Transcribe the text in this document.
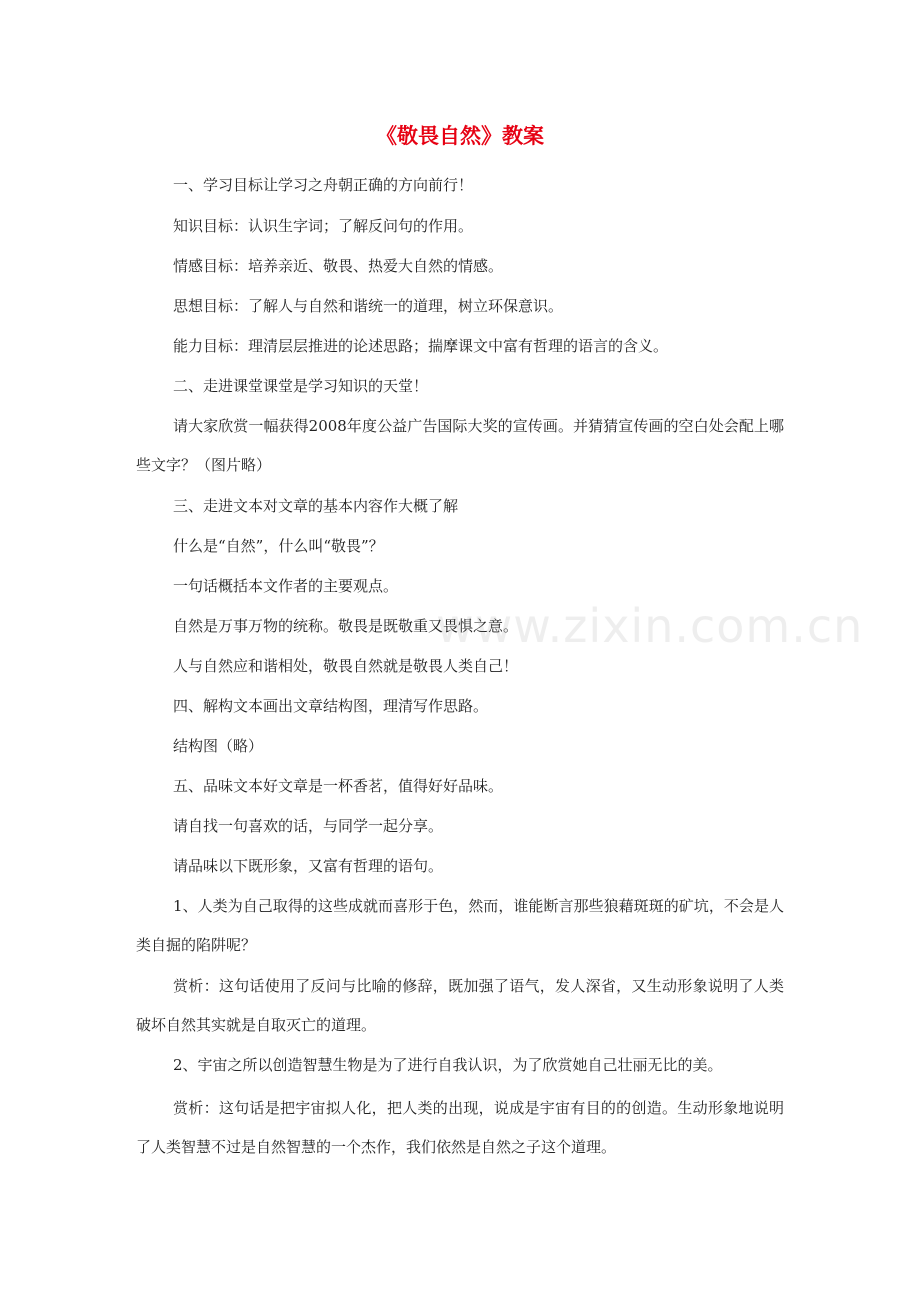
《敬畏自然》教案
一、学习目标让学习之舟朝正确的方向前行！
知识目标：认识生字词；了解反问句的作用。
情感目标：培养亲近、敬畏、热爱大自然的情感。
思想目标：了解人与自然和谐统一的道理，树立环保意识。
能力目标：理清层层推进的论述思路；揣摩课文中富有哲理的语言的含义。
二、走进课堂课堂是学习知识的天堂！
请大家欣赏一幅获得2008年度公益广告国际大奖的宣传画。并猜猜宣传画的空白处会配上哪些文字？（图片略）
三、走进文本对文章的基本内容作大概了解
什么是“自然”，什么叫“敬畏”？
一句话概括本文作者的主要观点。
自然是万事万物的统称。敬畏是既敬重又畏惧之意。
人与自然应和谐相处，敬畏自然就是敬畏人类自己！
四、解构文本画出文章结构图，理清写作思路。
结构图（略）
五、品味文本好文章是一杯香茗，值得好好品味。
请自找一句喜欢的话，与同学一起分享。
请品味以下既形象，又富有哲理的语句。
1、人类为自己取得的这些成就而喜形于色，然而，谁能断言那些狼藉斑斑的矿坑，不会是人类自掘的陷阱呢？
赏析：这句话使用了反问与比喻的修辞，既加强了语气，发人深省，又生动形象说明了人类破坏自然其实就是自取灭亡的道理。
2、宇宙之所以创造智慧生物是为了进行自我认识，为了欣赏她自己壮丽无比的美。
赏析：这句话是把宇宙拟人化，把人类的出现，说成是宇宙有目的的创造。生动形象地说明了人类智慧不过是自然智慧的一个杰作，我们依然是自然之子这个道理。
www.zixin.com.cn
